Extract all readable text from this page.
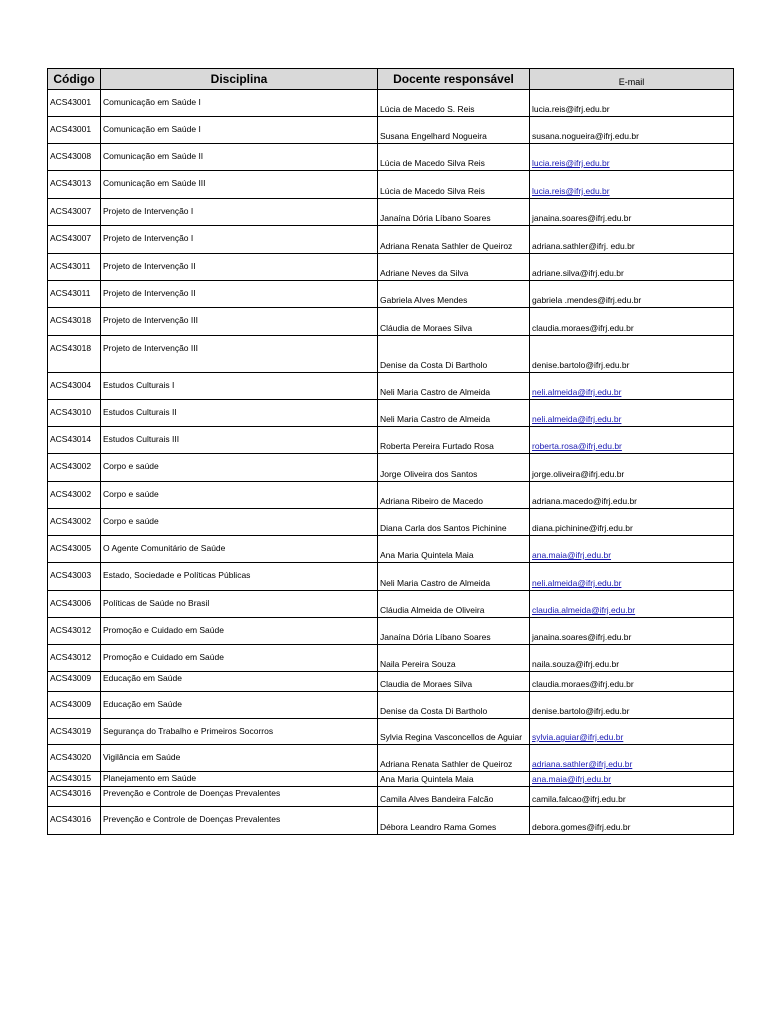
Código	Disciplina	Docente responsável	E-mail
ACS43001	Comunicação em Saúde I	Lúcia de Macedo S. Reis	lucia.reis@ifrj.edu.br
ACS43001	Comunicação em Saúde I	Susana Engelhard Nogueira	susana.nogueira@ifrj.edu.br
ACS43008	Comunicação em Saúde II	Lúcia de Macedo Silva Reis	lucia.reis@ifrj.edu.br
ACS43013	Comunicação em Saúde III	Lúcia de Macedo Silva Reis	lucia.reis@ifrj.edu.br
ACS43007	Projeto de Intervenção I	Janaína Dória Líbano Soares	janaina.soares@ifrj.edu.br
ACS43007	Projeto de Intervenção I	Adriana Renata Sathler de Queiroz	adriana.sathler@ifrj. edu.br
ACS43011	Projeto de Intervenção II	Adriane Neves da Silva	adriane.silva@ifrj.edu.br
ACS43011	Projeto de Intervenção II	Gabriela Alves Mendes	gabriela .mendes@ifrj.edu.br
ACS43018	Projeto de Intervenção III	Cláudia de Moraes Silva	claudia.moraes@ifrj.edu.br
ACS43018	Projeto de Intervenção III	Denise da Costa Di Bartholo	denise.bartolo@ifrj.edu.br
ACS43004	Estudos Culturais I	Neli Maria Castro de Almeida	neli.almeida@ifrj.edu.br
ACS43010	Estudos Culturais II	Neli Maria Castro de Almeida	neli.almeida@ifrj.edu.br
ACS43014	Estudos Culturais III	Roberta Pereira Furtado Rosa	roberta.rosa@ifrj.edu.br
ACS43002	Corpo e saúde	Jorge Oliveira dos Santos	jorge.oliveira@ifrj.edu.br
ACS43002	Corpo e saúde	Adriana Ribeiro de Macedo	adriana.macedo@ifrj.edu.br
ACS43002	Corpo e saúde	Diana Carla dos Santos Pichinine	diana.pichinine@ifrj.edu.br
ACS43005	O Agente Comunitário de Saúde	Ana Maria Quintela Maia	ana.maia@ifrj.edu.br
ACS43003	Estado, Sociedade e Políticas Públicas	Neli Maria Castro de Almeida	neli.almeida@ifrj.edu.br
ACS43006	Políticas de Saúde no Brasil	Cláudia Almeida de Oliveira	claudia.almeida@ifrj.edu.br
ACS43012	Promoção e Cuidado em Saúde	Janaína Dória Líbano Soares	janaina.soares@ifrj.edu.br
ACS43012	Promoção e Cuidado em Saúde	Naila Pereira Souza	naila.souza@ifrj.edu.br
ACS43009	Educação em Saúde	Claudia de Moraes Silva	claudia.moraes@ifrj.edu.br
ACS43009	Educação em Saúde	Denise da Costa Di Bartholo	denise.bartolo@ifrj.edu.br
ACS43019	Segurança do Trabalho e Primeiros Socorros	Sylvia Regina Vasconcellos de Aguiar	sylvia.aguiar@ifrj.edu.br
ACS43020	Vigilância em Saúde	Adriana Renata Sathler de Queiroz	adriana.sathler@ifrj.edu.br
ACS43015	Planejamento em Saúde	Ana Maria Quintela Maia	ana.maia@ifrj.edu.br
ACS43016	Prevenção e Controle de Doenças Prevalentes	Camila Alves Bandeira Falcão	camila.falcao@ifrj.edu.br
ACS43016	Prevenção e Controle de Doenças Prevalentes	Débora Leandro Rama Gomes	debora.gomes@ifrj.edu.br
